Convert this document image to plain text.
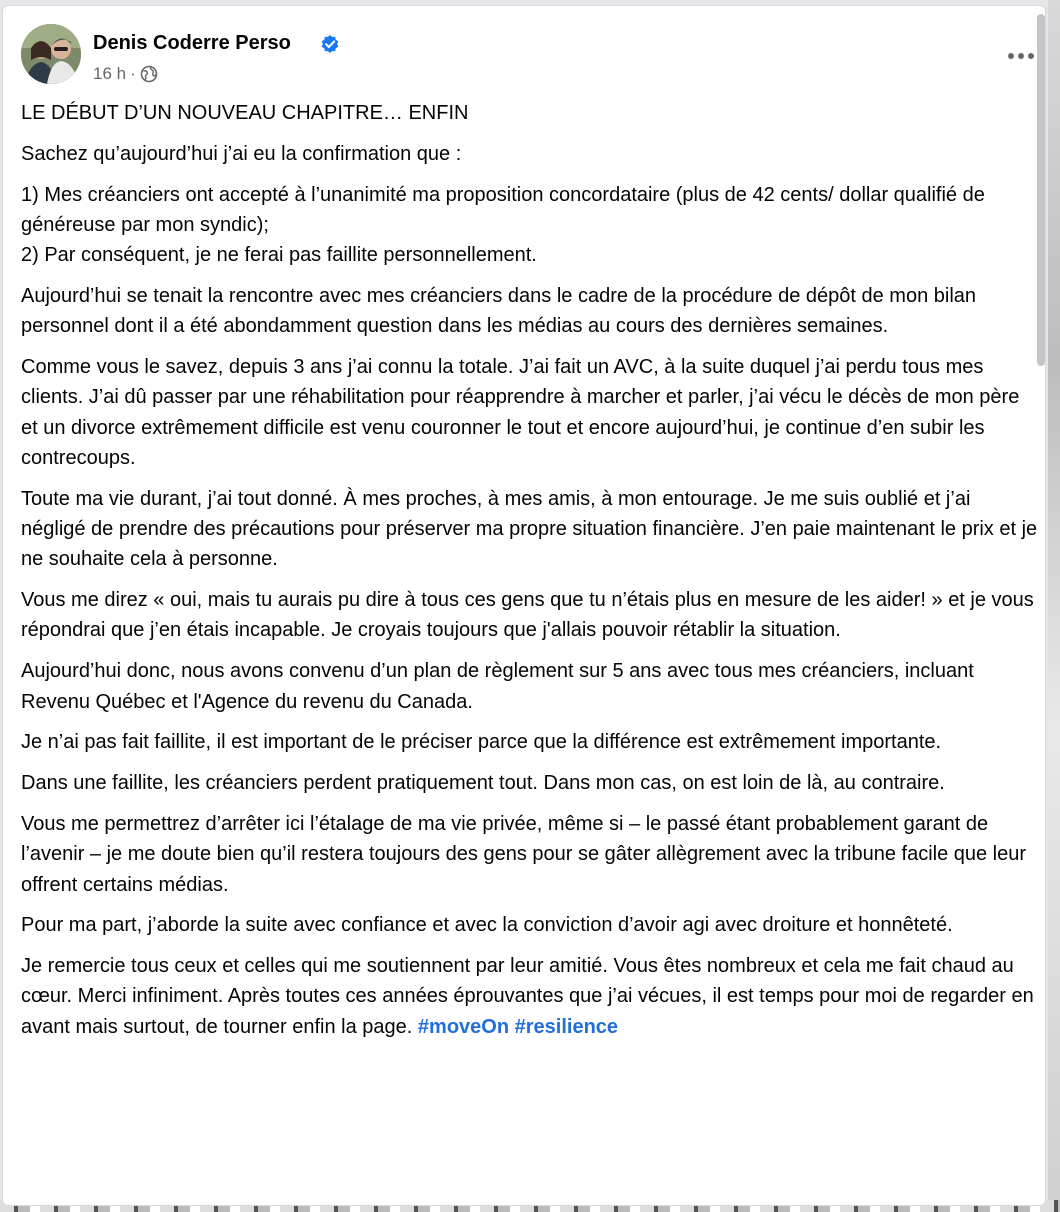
Denis Coderre Perso
16 h ·

LE DÉBUT D’UN NOUVEAU CHAPITRE… ENFIN

Sachez qu’aujourd’hui j’ai eu la confirmation que :

1) Mes créanciers ont accepté à l’unanimité ma proposition concordataire (plus de 42 cents/ dollar qualifié de généreuse par mon syndic);
2) Par conséquent, je ne ferai pas faillite personnellement.

Aujourd’hui se tenait la rencontre avec mes créanciers dans le cadre de la procédure de dépôt de mon bilan personnel dont il a été abondamment question dans les médias au cours des dernières semaines.

Comme vous le savez, depuis 3 ans j’ai connu la totale. J’ai fait un AVC, à la suite duquel j’ai perdu tous mes clients. J’ai dû passer par une réhabilitation pour réapprendre à marcher et parler, j’ai vécu le décès de mon père et un divorce extrêmement difficile est venu couronner le tout et encore aujourd’hui, je continue d’en subir les contrecoups.

Toute ma vie durant, j’ai tout donné. À mes proches, à mes amis, à mon entourage. Je me suis oublié et j’ai négligé de prendre des précautions pour préserver ma propre situation financière. J’en paie maintenant le prix et je ne souhaite cela à personne.

Vous me direz « oui, mais tu aurais pu dire à tous ces gens que tu n’étais plus en mesure de les aider! » et je vous répondrai que j’en étais incapable. Je croyais toujours que j'allais pouvoir rétablir la situation.

Aujourd’hui donc, nous avons convenu d’un plan de règlement sur 5 ans avec tous mes créanciers, incluant Revenu Québec et l'Agence du revenu du Canada.

Je n’ai pas fait faillite, il est important de le préciser parce que la différence est extrêmement importante.

Dans une faillite, les créanciers perdent pratiquement tout. Dans mon cas, on est loin de là, au contraire.

Vous me permettrez d’arrêter ici l’étalage de ma vie privée, même si – le passé étant probablement garant de l’avenir – je me doute bien qu’il restera toujours des gens pour se gâter allègrement avec la tribune facile que leur offrent certains médias.

Pour ma part, j’aborde la suite avec confiance et avec la conviction d’avoir agi avec droiture et honnêteté.

Je remercie tous ceux et celles qui me soutiennent par leur amitié. Vous êtes nombreux et cela me fait chaud au cœur. Merci infiniment. Après toutes ces années éprouvantes que j’ai vécues, il est temps pour moi de regarder en avant mais surtout, de tourner enfin la page. #moveOn #resilience
